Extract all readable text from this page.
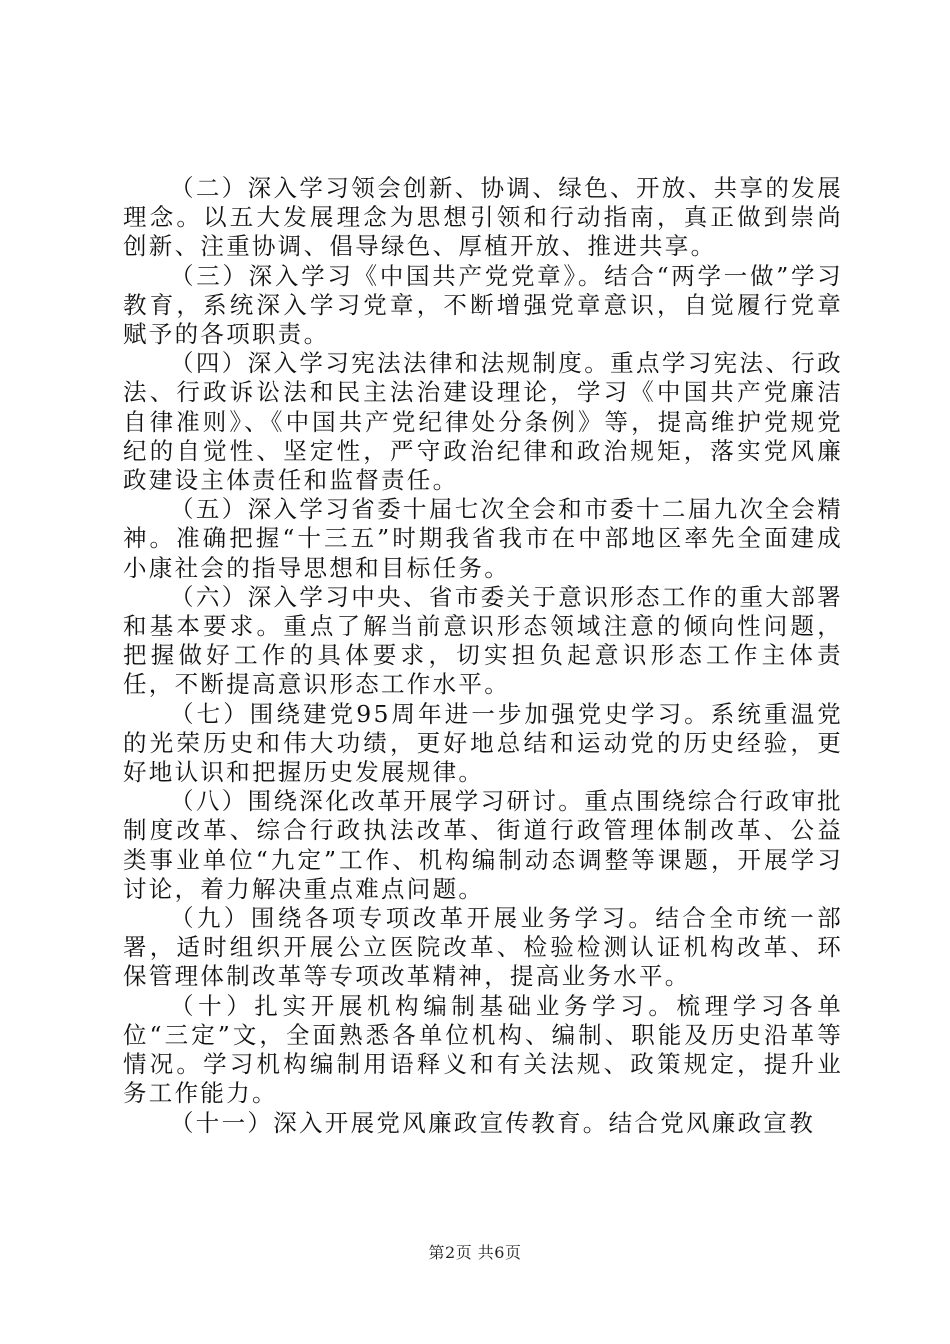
（二）深入学习领会创新、协调、绿色、开放、共享的发展理念。以五大发展理念为思想引领和行动指南，真正做到崇尚创新、注重协调、倡导绿色、厚植开放、推进共享。

（三）深入学习《中国共产党党章》。结合“两学一做”学习教育，系统深入学习党章，不断增强党章意识，自觉履行党章赋予的各项职责。

（四）深入学习宪法法律和法规制度。重点学习宪法、行政法、行政诉讼法和民主法治建设理论，学习《中国共产党廉洁自律准则》、《中国共产党纪律处分条例》等，提高维护党规党纪的自觉性、坚定性，严守政治纪律和政治规矩，落实党风廉政建设主体责任和监督责任。

（五）深入学习省委十届七次全会和市委十二届九次全会精神。准确把握“十三五”时期我省我市在中部地区率先全面建成小康社会的指导思想和目标任务。

（六）深入学习中央、省市委关于意识形态工作的重大部署和基本要求。重点了解当前意识形态领域注意的倾向性问题，把握做好工作的具体要求，切实担负起意识形态工作主体责任，不断提高意识形态工作水平。

（七）围绕建党95周年进一步加强党史学习。系统重温党的光荣历史和伟大功绩，更好地总结和运动党的历史经验，更好地认识和把握历史发展规律。

（八）围绕深化改革开展学习研讨。重点围绕综合行政审批制度改革、综合行政执法改革、街道行政管理体制改革、公益类事业单位“九定”工作、机构编制动态调整等课题，开展学习讨论，着力解决重点难点问题。

（九）围绕各项专项改革开展业务学习。结合全市统一部署，适时组织开展公立医院改革、检验检测认证机构改革、环保管理体制改革等专项改革精神，提高业务水平。

（十）扎实开展机构编制基础业务学习。梳理学习各单位“三定”文，全面熟悉各单位机构、编制、职能及历史沿革等情况。学习机构编制用语释义和有关法规、政策规定，提升业务工作能力。

（十一）深入开展党风廉政宣传教育。结合党风廉政宣教

第2页 共6页
